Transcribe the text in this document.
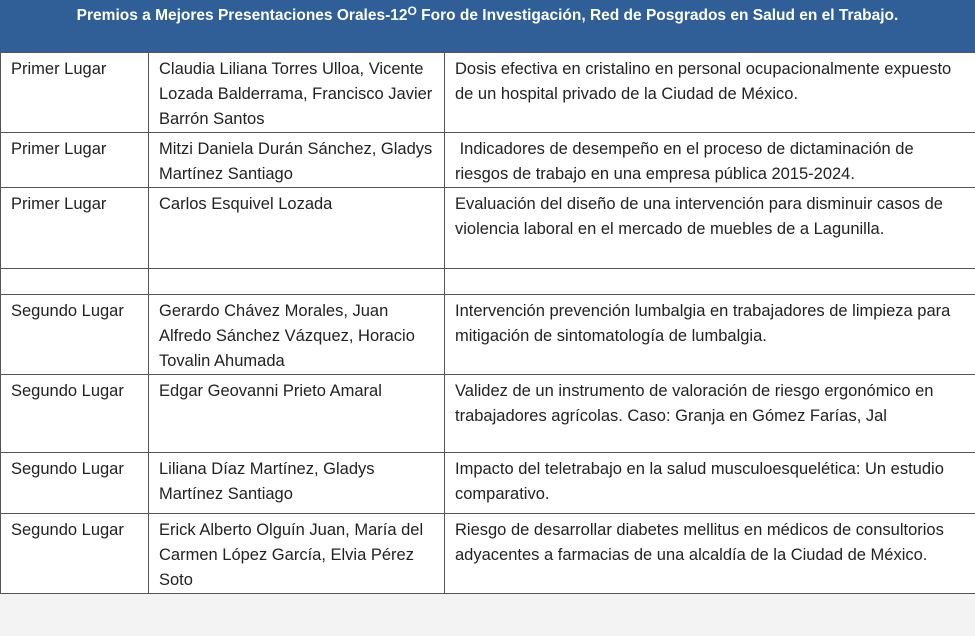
Premios a Mejores Presentaciones Orales-$12^O$ Foro de Investigación, Red de Posgrados en Salud en el Trabajo.
Primer Lugar	Claudia Liliana Torres Ulloa, Vicente Lozada Balderrama, Francisco Javier Barrón Santos	Dosis efectiva en cristalino en personal ocupacionalmente expuesto de un hospital privado de la Ciudad de México.

Primer Lugar	Mitzi Daniela Durán Sánchez, Gladys Martínez Santiago	Indicadores de desempeño en el proceso de dictaminación de riesgos de trabajo en una empresa pública 2015-2024.

Primer Lugar	Carlos Esquivel Lozada	Evaluación del diseño de una intervención para disminuir casos de violencia laboral en el mercado de muebles de a Lagunilla.

Segundo Lugar	Gerardo Chávez Morales, Juan Alfredo Sánchez Vázquez, Horacio Tovalin Ahumada	Intervención prevención lumbalgia en trabajadores de limpieza para mitigación de sintomatología de lumbalgia.

Segundo Lugar	Edgar Geovanni Prieto Amaral	Validez de un instrumento de valoración de riesgo ergonómico en trabajadores agrícolas. Caso: Granja en Gómez Farías, Jal

Segundo Lugar	Liliana Díaz Martínez, Gladys Martínez Santiago	Impacto del teletrabajo en la salud musculoesquelética: Un estudio comparativo.

Segundo Lugar	Erick Alberto Olguín Juan, María del Carmen López García, Elvia Pérez Soto	Riesgo de desarrollar diabetes mellitus en médicos de consultorios adyacentes a farmacias de una alcaldía de la Ciudad de México.
